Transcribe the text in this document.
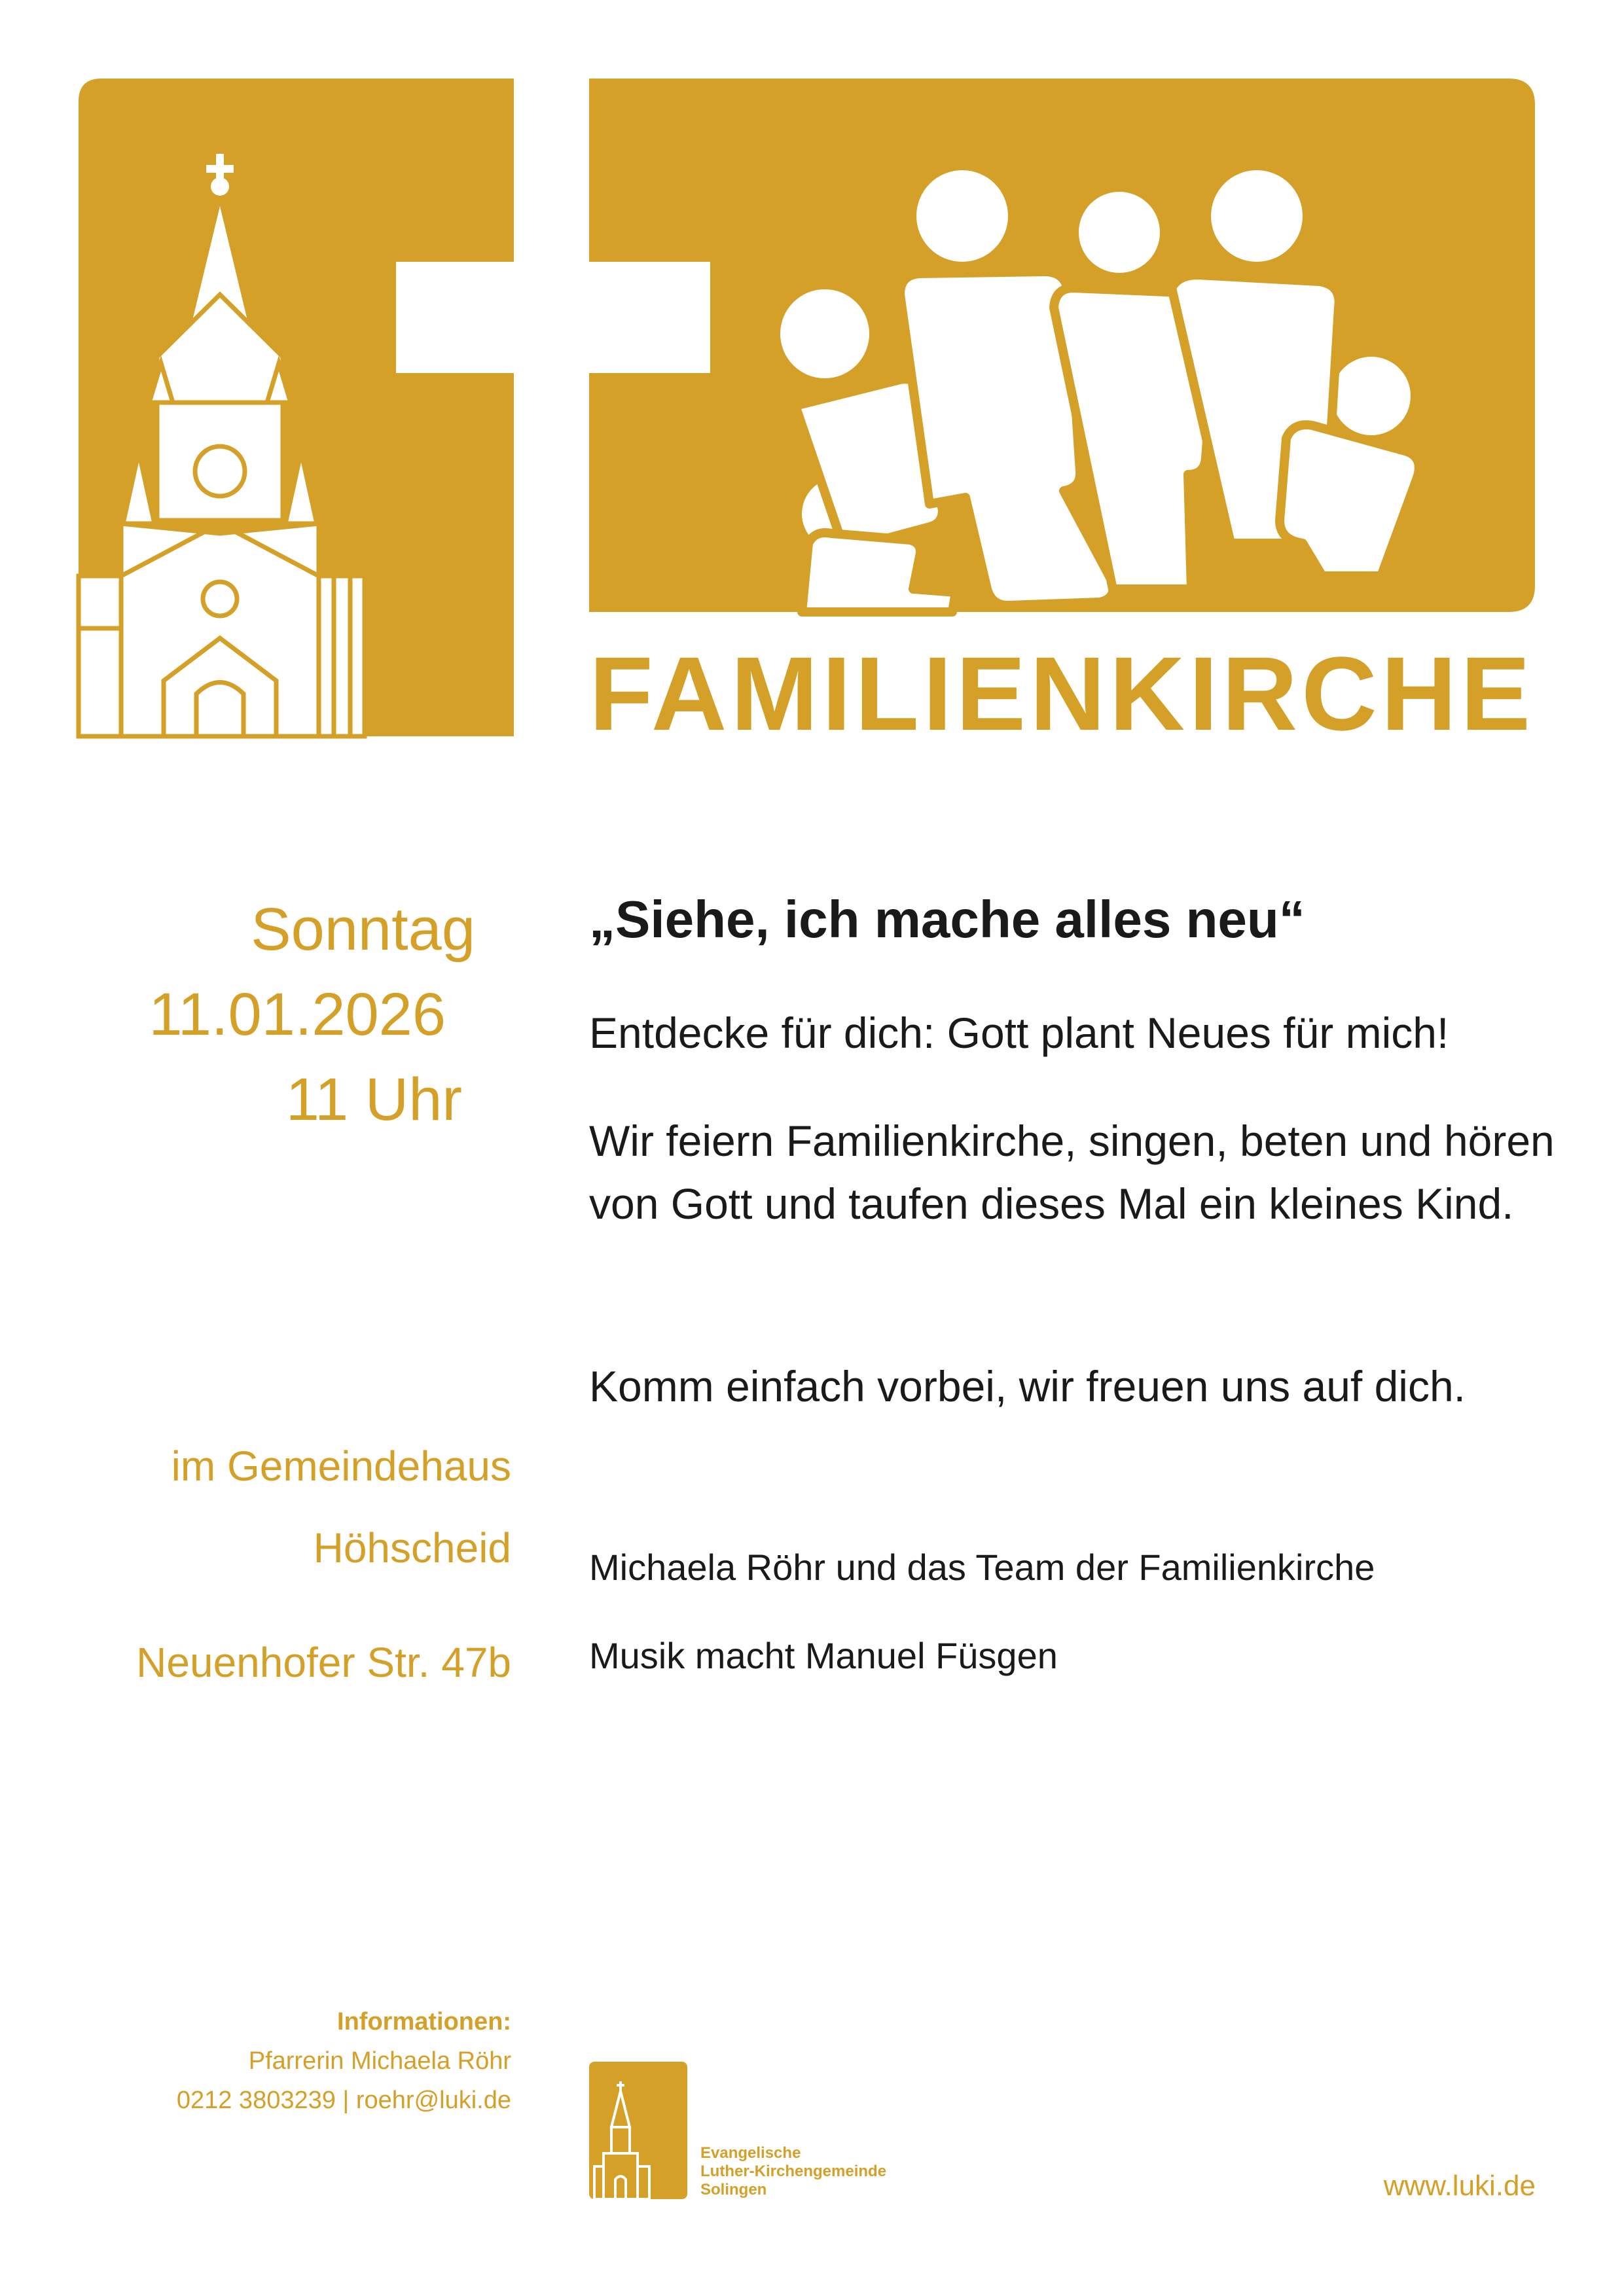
FAMILIENKIRCHE
Sonntag
11.01.2026
11 Uhr
im Gemeindehaus
Höhscheid
Neuenhofer Str. 47b
„Siehe, ich mache alles neu“
Entdecke für dich: Gott plant Neues für mich!
Wir feiern Familienkirche, singen, beten und hören
von Gott und taufen dieses Mal ein kleines Kind.
Komm einfach vorbei, wir freuen uns auf dich.
Michaela Röhr und das Team der Familienkirche
Musik macht Manuel Füsgen
Informationen:
Pfarrerin Michaela Röhr
0212 3803239 | roehr@luki.de
Evangelische
Luther-Kirchengemeinde
Solingen	www.luki.de
